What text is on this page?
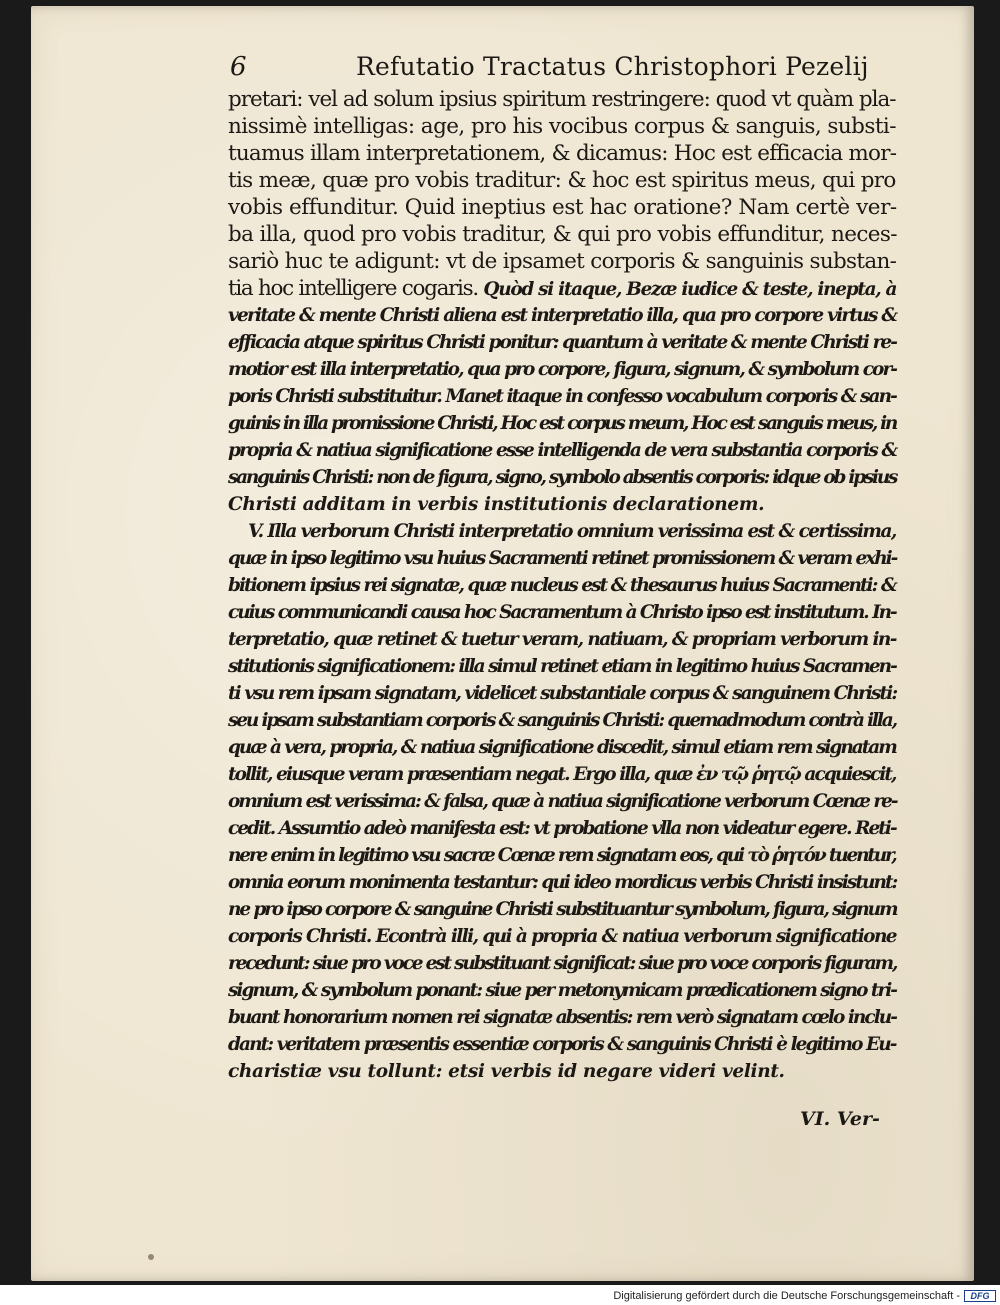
6	Refutatio Tractatus Christophori Pezelij
pretari: vel ad solum ipsius spiritum restringere: quod vt quàm pla-
nissimè intelligas: age, pro his vocibus corpus & sanguis, substi-
tuamus illam interpretationem, & dicamus: Hoc est efficacia mor-
tis meæ, quæ pro vobis traditur: & hoc est spiritus meus, qui pro
vobis effunditur. Quid ineptius est hac oratione? Nam certè ver-
ba illa, quod pro vobis traditur, & qui pro vobis effunditur, neces-
sariò huc te adigunt: vt de ipsamet corporis & sanguinis substan-
tia hoc intelligere cogaris. Quòd si itaque, Bezæ iudice & teste, inepta, à
veritate & mente Christi aliena est interpretatio illa, qua pro corpore virtus &
efficacia atque spiritus Christi ponitur: quantum à veritate & mente Christi re-
motior est illa interpretatio, qua pro corpore, figura, signum, & symbolum cor-
poris Christi substituitur. Manet itaque in confesso vocabulum corporis & san-
guinis in illa promissione Christi, Hoc est corpus meum, Hoc est sanguis meus, in
propria & natiua significatione esse intelligenda de vera substantia corporis &
sanguinis Christi: non de figura, signo, symbolo absentis corporis: idque ob ipsius
Christi additam in verbis institutionis declarationem.
V. Illa verborum Christi interpretatio omnium verissima est & certissima,
quæ in ipso legitimo vsu huius Sacramenti retinet promissionem & veram exhi-
bitionem ipsius rei signatæ, quæ nucleus est & thesaurus huius Sacramenti: &
cuius communicandi causa hoc Sacramentum à Christo ipso est institutum. In-
terpretatio, quæ retinet & tuetur veram, natiuam, & propriam verborum in-
stitutionis significationem: illa simul retinet etiam in legitimo huius Sacramen-
ti vsu rem ipsam signatam, videlicet substantiale corpus & sanguinem Christi:
seu ipsam substantiam corporis & sanguinis Christi: quemadmodum contrà illa,
quæ à vera, propria, & natiua significatione discedit, simul etiam rem signatam
tollit, eiusque veram præsentiam negat. Ergo illa, quæ ἐν τῷ ῥητῷ acquiescit,
omnium est verissima: & falsa, quæ à natiua significatione verborum Cœnæ re-
cedit. Assumtio adeò manifesta est: vt probatione vlla non videatur egere. Reti-
nere enim in legitimo vsu sacræ Cœnæ rem signatam eos, qui τὸ ῥητόν tuentur,
omnia eorum monimenta testantur: qui ideo mordicus verbis Christi insistunt:
ne pro ipso corpore & sanguine Christi substituantur symbolum, figura, signum
corporis Christi. Econtrà illi, qui à propria & natiua verborum significatione
recedunt: siue pro voce est substituant significat: siue pro voce corporis figuram,
signum, & symbolum ponant: siue per metonymicam prædicationem signo tri-
buant honorarium nomen rei signatæ absentis: rem verò signatam cœlo inclu-
dant: veritatem præsentis essentiæ corporis & sanguinis Christi è legitimo Eu-
charistiæ vsu tollunt: etsi verbis id negare videri velint.
VI. Ver-
Digitalisierung gefördert durch die Deutsche Forschungsgemeinschaft -	DFG
